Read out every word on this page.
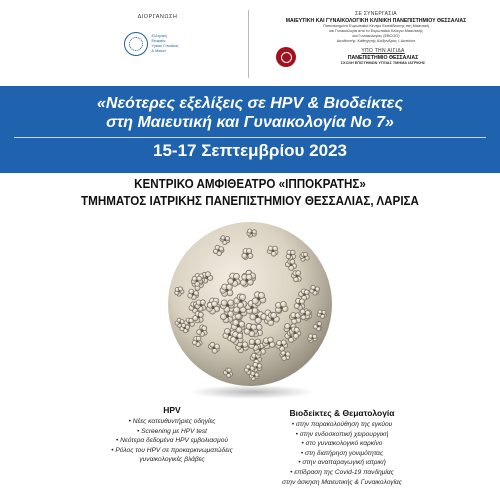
ΔΙΟΡΓΑΝΩΣΗ
Ελληνική
Εταιρεία
Υγείας Γυναίκας
& Μαιών
ΣΕ ΣΥΝΕΡΓΑΣΙΑ
ΜΑΙΕΥΤΙΚΗ ΚΑΙ ΓΥΝΑΙΚΟΛΟΓΙΚΗ ΚΛΙΝΙΚΗ ΠΑΝΕΠΙΣΤΗΜΙΟΥ ΘΕΣΣΑΛΙΑΣ
Πιστοποιημένο Ευρωπαϊκό Κέντρο Εκπαίδευσης στη Μαιευτική
και Γυναικολογία από το Ευρωπαϊκό Κέλεγιο Μαιευτικής
και Γυναικολογίας (EBCOG)
Διευθυντής: Καθηγητής Αλέξανδρος Ι. Δαπόντε
ΥΠΟ ΤΗΝ ΑΙΓΙΔΑ
ΠΑΝΕΠΙΣΤΗΜΙΟ ΘΕΣΣΑΛΙΑΣ
ΣΧΟΛΗ ΕΠΙΣΤΗΜΩΝ ΥΓΕΙΑΣ ΤΜΗΜΑ ΙΑΤΡΙΚΗΣ
«Νεότερες εξελίξεις σε HPV & Βιοδείκτες
στη Μαιευτική και Γυναικολογία Νο 7»
15-17 Σεπτεμβρίου 2023
ΚΕΝΤΡΙΚΟ ΑΜΦΙΘΕΑΤΡΟ «ΙΠΠΟΚΡΑΤΗΣ»
ΤΜΗΜΑΤΟΣ ΙΑΤΡΙΚΗΣ ΠΑΝΕΠΙΣΤΗΜΙΟΥ ΘΕΣΣΑΛΙΑΣ, ΛΑΡΙΣΑ
HPV
• Νέες κατευθυντήριες οδηγίες
• Screening με HPV test
• Νεότερα δεδομένα HPV εμβολιασμού
• Ρόλος του HPV σε προκαρκινωματώδεις
γυναικολογικές βλάβες
Βιοδείκτες & Θεματολογία
• στην παρακολούθηση της εγκύου
• στην ενδοσκοπική χειρουργική
• στο γυναικολογικό καρκίνο
• στη διατήρηση γονιμότητας
• στην αναπαραγωγική ιατρική
• επίδραση της Covid-19 πανδημίας
στην άσκηση Μαιευτικής & Γυναικολογίας
